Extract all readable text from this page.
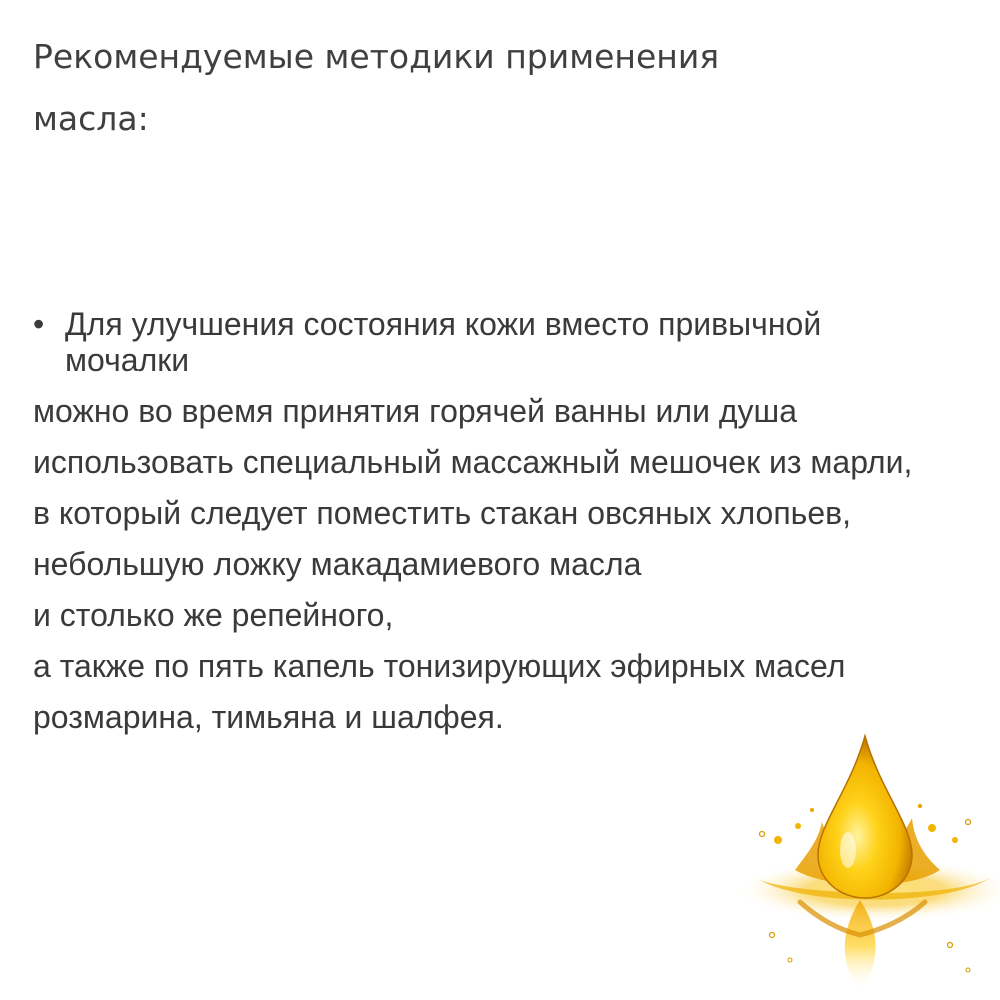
Рекомендуемые методики применения
масла:

• Для улучшения состояния кожи вместо привычной мочалки

можно во время принятия горячей ванны или душа

использовать специальный массажный мешочек из марли,

в который следует поместить стакан овсяных хлопьев,

небольшую ложку макадамиевого масла

и столько же репейного,

а также по пять капель тонизирующих эфирных масел

розмарина, тимьяна и шалфея.
